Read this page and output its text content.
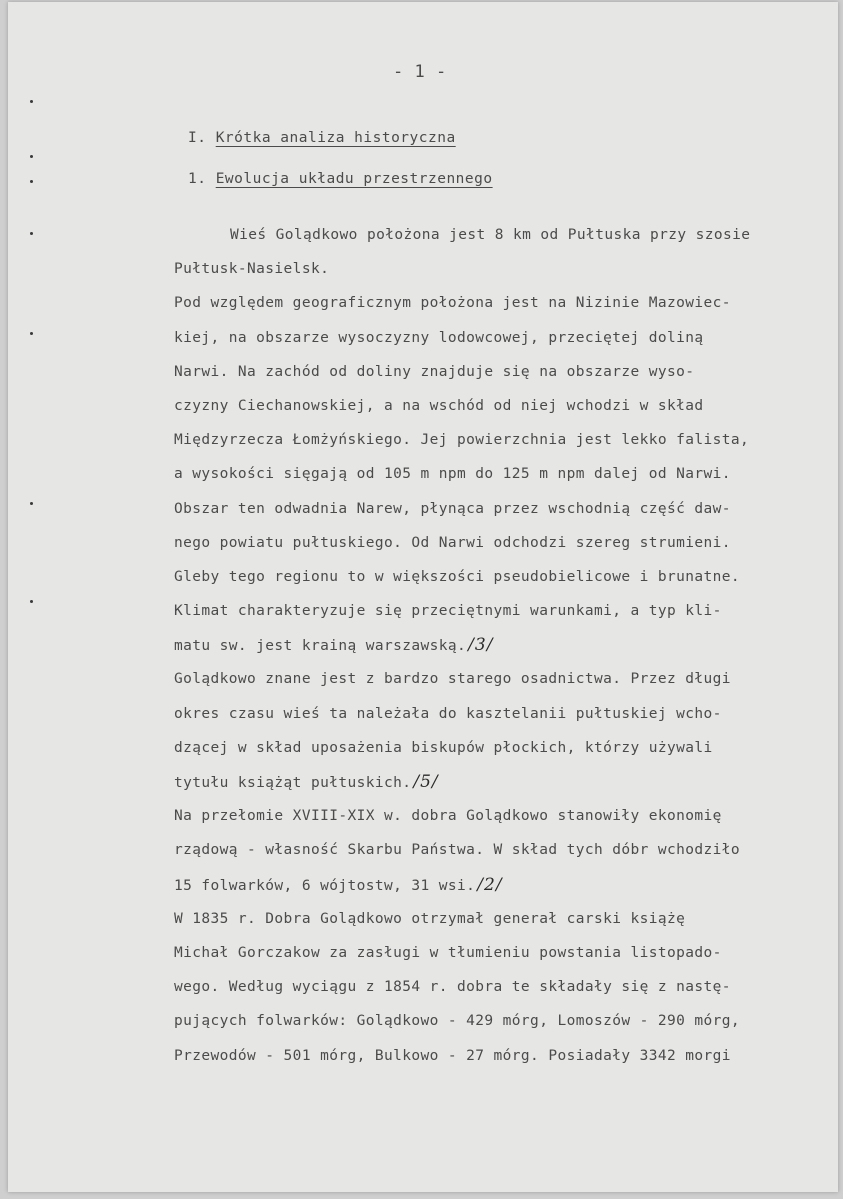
- 1 -
I. Krótka analiza historyczna
1. Ewolucja układu przestrzennego
Wieś Golądkowo położona jest 8 km od Pułtuska przy szosie
Pułtusk-Nasielsk.
Pod względem geograficznym położona jest na Nizinie Mazowiec-
kiej, na obszarze wysoczyzny lodowcowej, przeciętej doliną
Narwi. Na zachód od doliny znajduje się na obszarze wyso-
czyzny Ciechanowskiej, a na wschód od niej wchodzi w skład
Międzyrzecza Łomżyńskiego. Jej powierzchnia jest lekko falista,
a wysokości sięgają od 105 m npm do 125 m npm dalej od Narwi.
Obszar ten odwadnia Narew, płynąca przez wschodnią część daw-
nego powiatu pułtuskiego. Od Narwi odchodzi szereg strumieni.
Gleby tego regionu to w większości pseudobielicowe i brunatne.
Klimat charakteryzuje się przeciętnymi warunkami, a typ kli-
matu sw. jest krainą warszawską. /3/
Golądkowo znane jest z bardzo starego osadnictwa. Przez długi
okres czasu wieś ta należała do kasztelanii pułtuskiej wcho-
dzącej w skład uposażenia biskupów płockich, którzy używali
tytułu książąt pułtuskich. /5/
Na przełomie XVIII-XIX w. dobra Golądkowo stanowiły ekonomię
rządową - własność Skarbu Państwa. W skład tych dóbr wchodziło
15 folwarków, 6 wójtostw, 31 wsi. /2/
W 1835 r. Dobra Golądkowo otrzymał generał carski książę
Michał Gorczakow za zasługi w tłumieniu powstania listopado-
wego. Według wyciągu z 1854 r. dobra te składały się z nastę-
pujących folwarków: Golądkowo - 429 mórg, Lomoszów - 290 mórg,
Przewodów - 501 mórg, Bulkowo - 27 mórg. Posiadały 3342 morgi
